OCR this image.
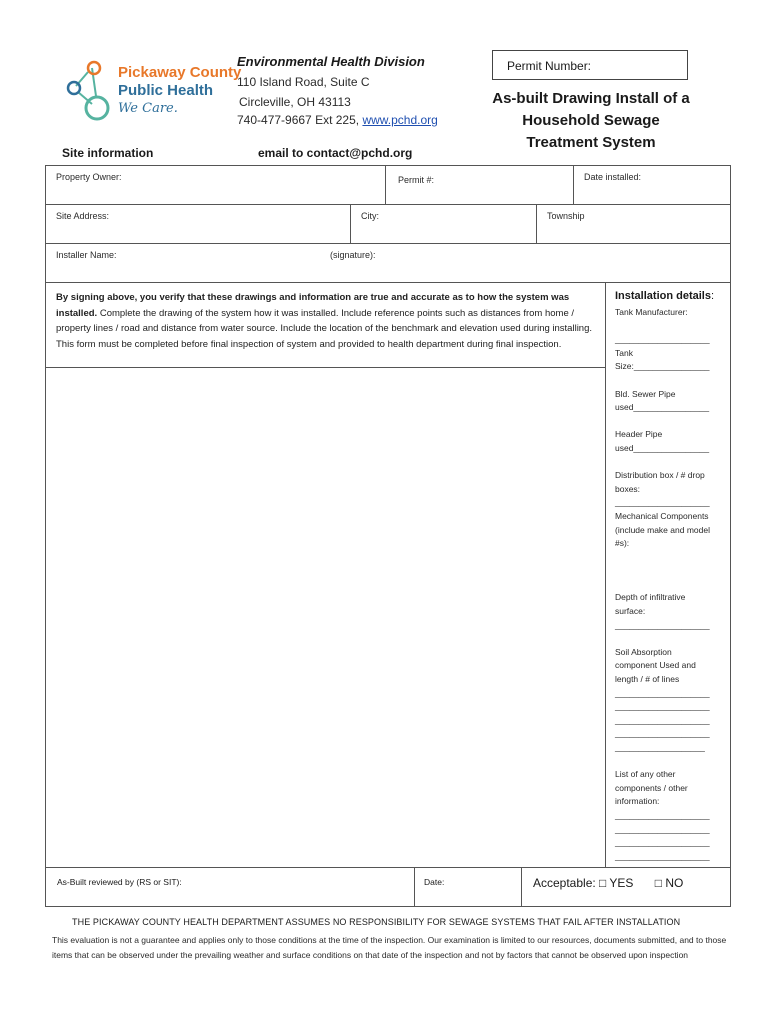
Pickaway County
Public Health
We Care.
Environmental Health Division
110 Island Road, Suite C
Circleville, OH 43113
740-477-9667 Ext 225, www.pchd.org
Site information	email to contact@pchd.org
Permit Number:
As-built Drawing Install of a
Household Sewage
Treatment System
Property Owner:	Permit #:	Date installed:
Site Address:	City:	Township
Installer Name:	(signature):
By signing above, you verify that these drawings and information are true and accurate as to how the system was installed. Complete the drawing of the system how it was installed. Include reference points such as distances from home / property lines / road and distance from water source. Include the location of the benchmark and elevation used during installing. This form must be completed before final inspection of system and provided to health department during final inspection.
Installation details:
Tank Manufacturer:
____________________
Tank
Size:________________
Bld. Sewer Pipe
used________________
Header Pipe
used________________
Distribution box / # drop
boxes:
____________________
Mechanical Components
(include make and model
#s):
Depth of infiltrative
surface:
____________________
Soil Absorption
component Used and
length / # of lines
____________________
____________________
____________________
____________________
___________________
List of any other
components / other
information:
____________________
____________________
____________________
____________________
As-Built reviewed by (RS or SIT):	Date:	Acceptable: □ YES □ NO
THE PICKAWAY COUNTY HEALTH DEPARTMENT ASSUMES NO RESPONSIBILITY FOR SEWAGE SYSTEMS THAT FAIL AFTER INSTALLATION
This evaluation is not a guarantee and applies only to those conditions at the time of the inspection. Our examination is limited to our resources, documents submitted, and to those items that can be observed under the prevailing weather and surface conditions on that date of the inspection and not by factors that cannot be observed upon inspection
